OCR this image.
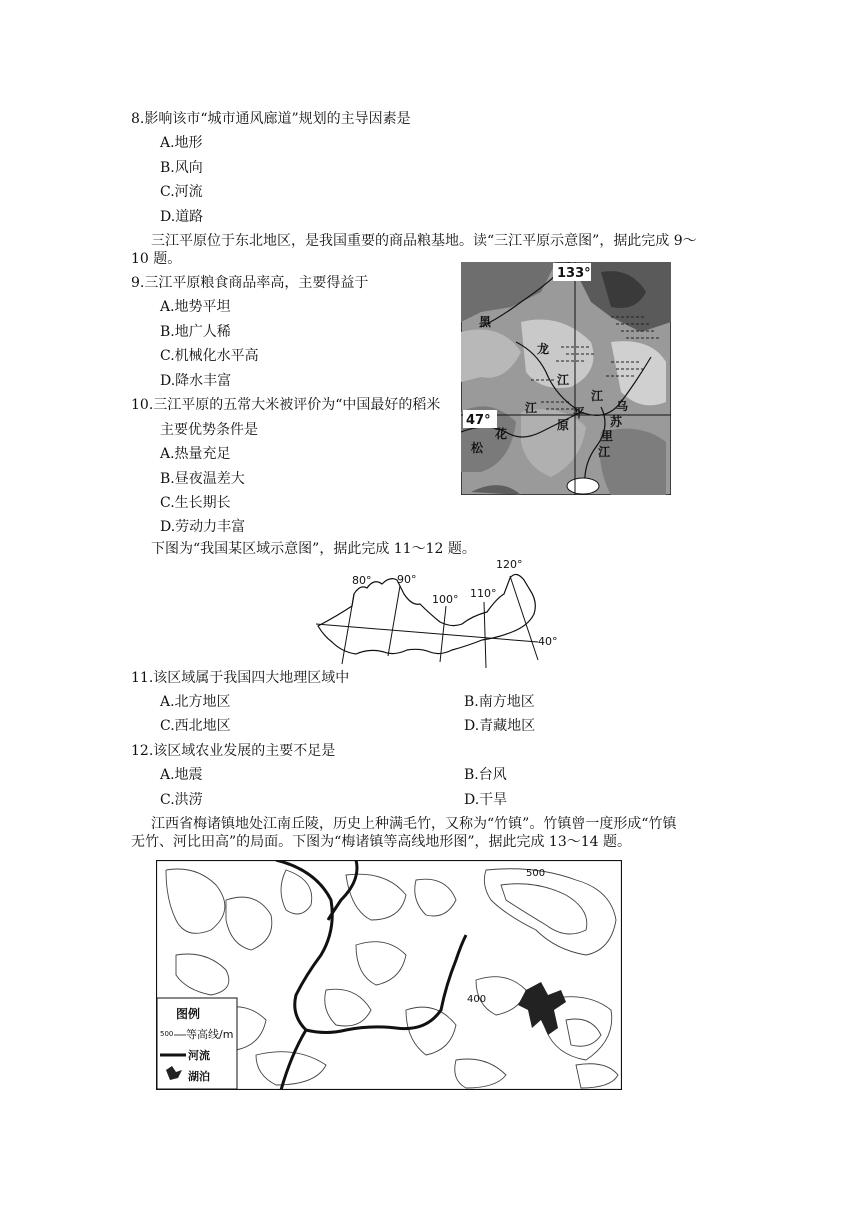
8.影响该市“城市通风廊道”规划的主导因素是
A.地形
B.风向
C.河流
D.道路
三江平原位于东北地区，是我国重要的商品粮基地。读“三江平原示意图”，据此完成 9～
10 题。
9.三江平原粮食商品率高，主要得益于
A.地势平坦
B.地广人稀
C.机械化水平高
D.降水丰富
10.三江平原的五常大米被评价为“中国最好的稻米
主要优势条件是
A.热量充足
B.昼夜温差大
C.生长期长
D.劳动力丰富
133°
47°
黑
龙
江
江
松
花
原
平
江
乌
苏
里
江
下图为“我国某区域示意图”，据此完成 11～12 题。
80° 90°
100° 110°
120°
40°
11.该区域属于我国四大地理区域中
A.北方地区	B.南方地区
C.西北地区	D.青藏地区
12.该区域农业发展的主要不足是
A.地震	B.台风
C.洪涝	D.干旱
江西省梅诸镇地处江南丘陵，历史上种满毛竹，又称为“竹镇”。竹镇曾一度形成“竹镇
无竹、河比田高”的局面。下图为“梅诸镇等高线地形图”，据此完成 13～14 题。
500
400
图例
500 等高线/m
河流
湖泊
